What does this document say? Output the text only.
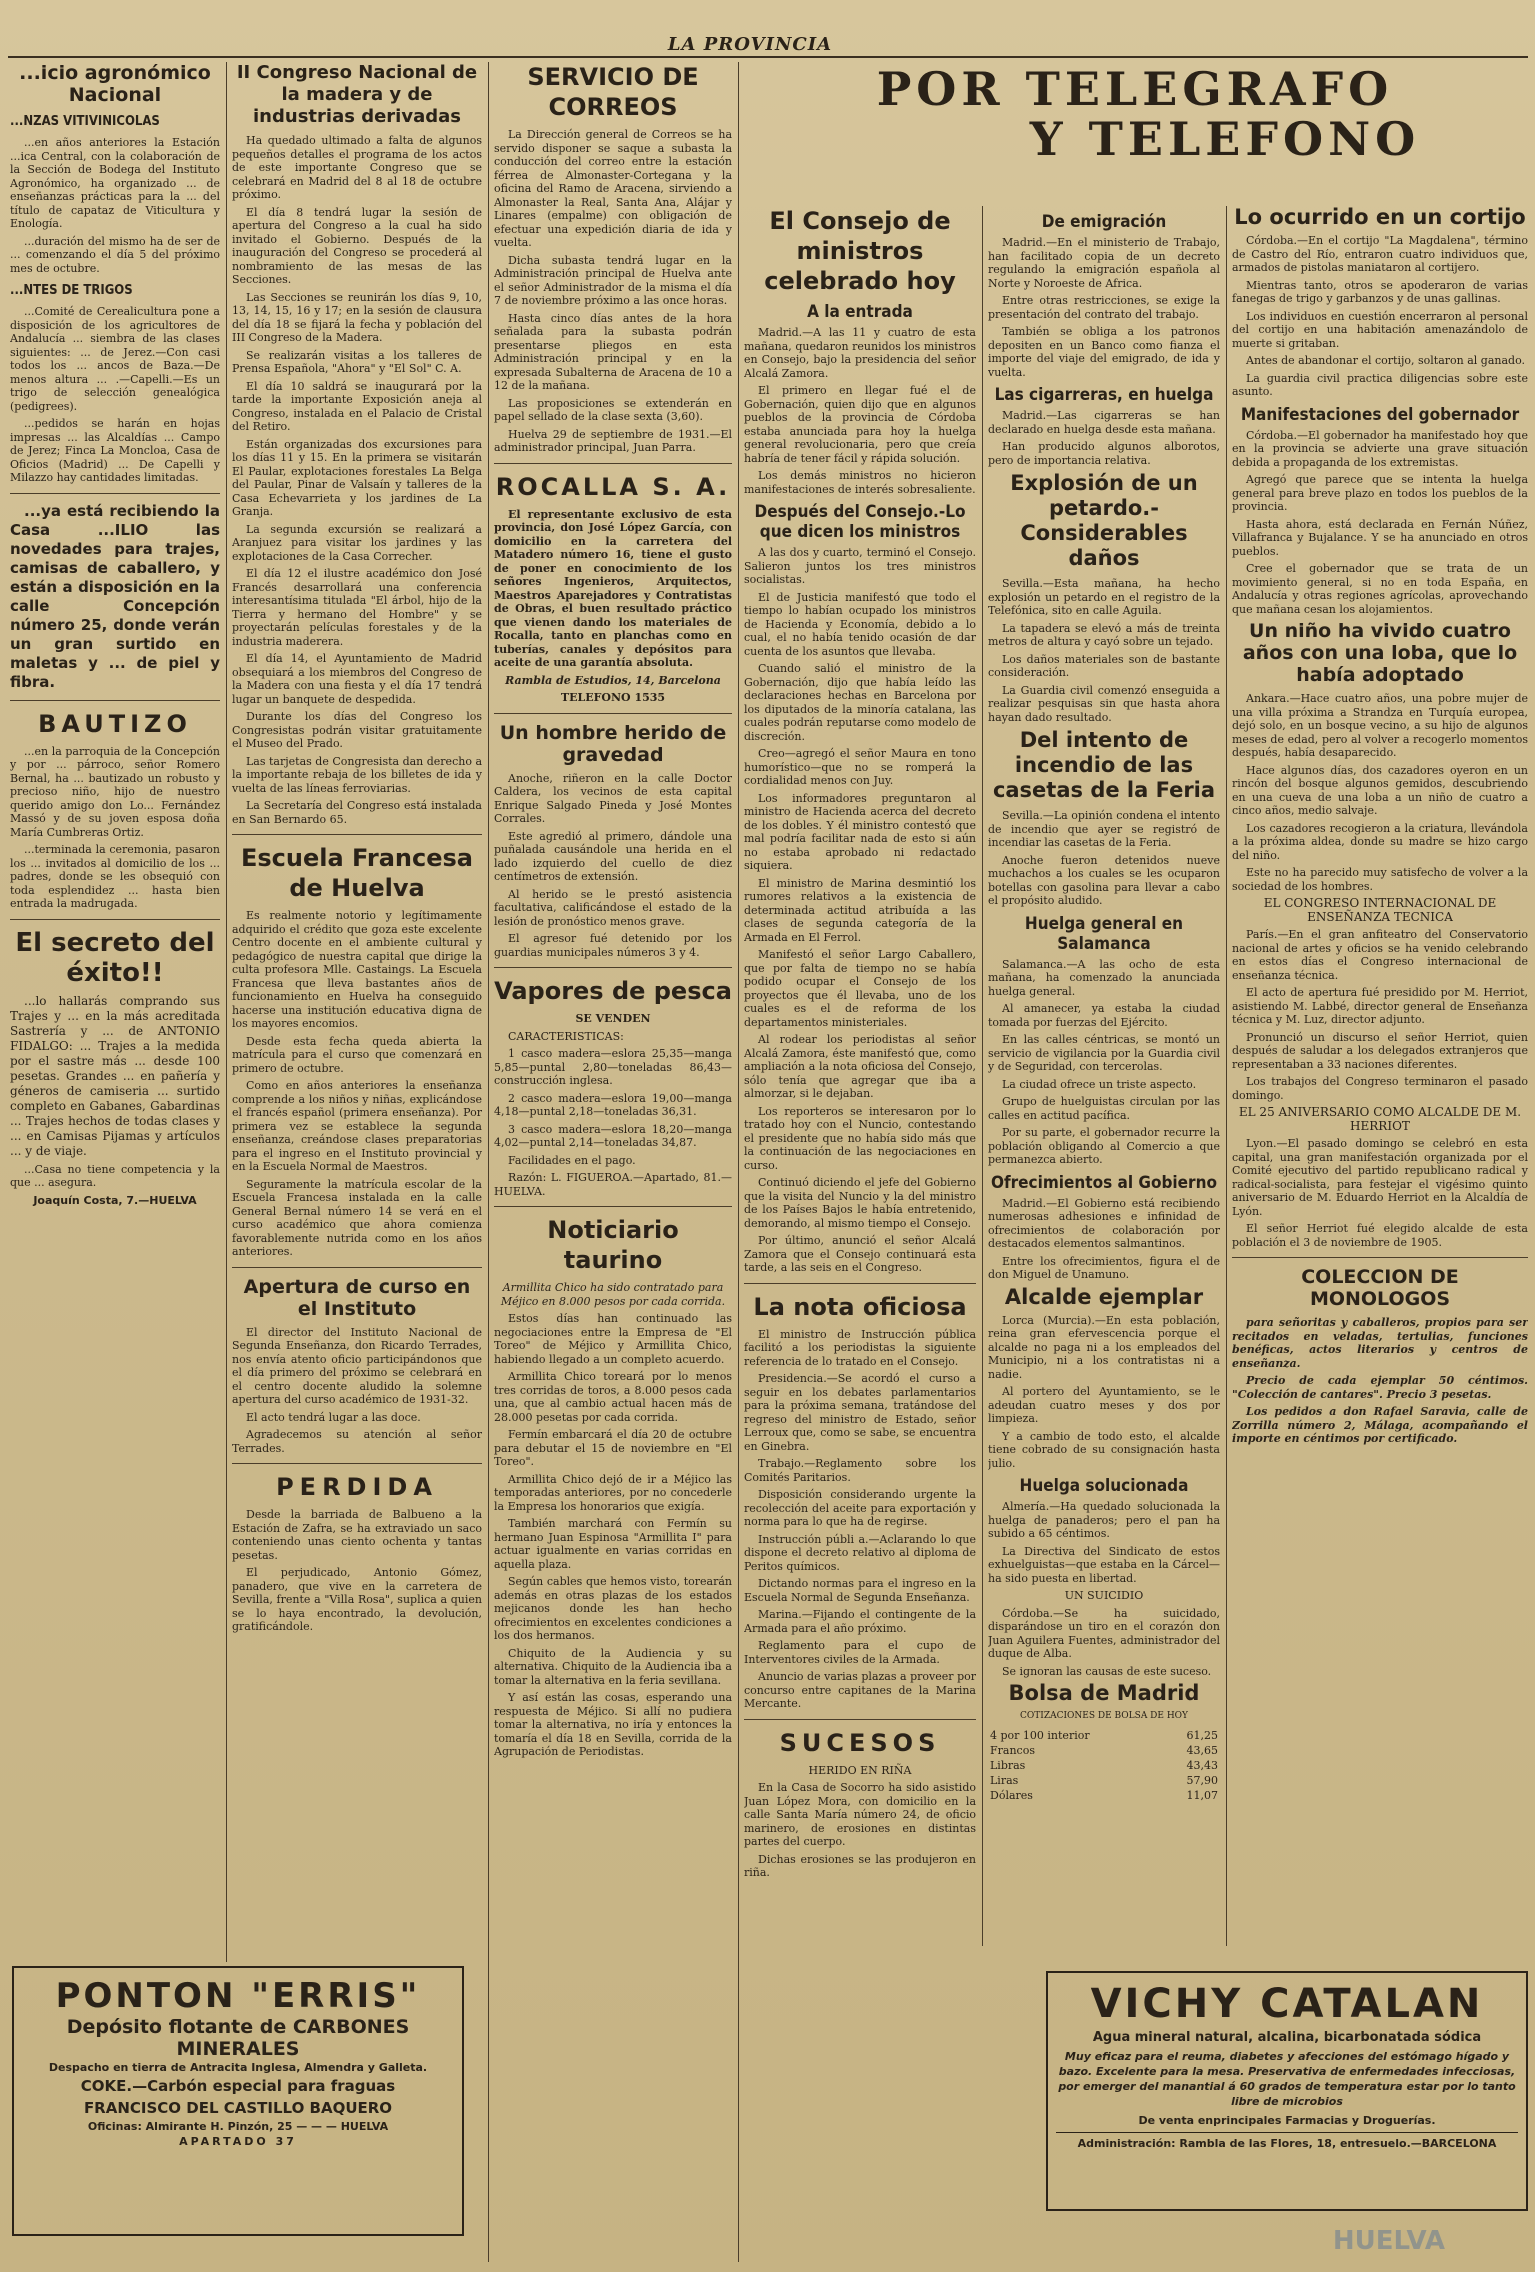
LA PROVINCIA
...icio agronómico Nacional
...NZAS VITIVINICOLAS

...en años anteriores la Estación ...ica Central, con la colaboración de la Sección de Bodega del Instituto Agronómico, ha organizado ... de enseñanzas prácticas para la ... del título de capataz de Viticultura y Enología.

...duración del mismo ha de ser de ... comenzando el día 5 del próximo mes de octubre.

...NTES DE TRIGOS

...Comité de Cerealicultura pone a disposición de los agricultores de Andalucía ... siembra de las clases siguientes: ... de Jerez.—Con casi todos los ... ancos de Baza.—De menos altura ... .—Capelli.—Es un trigo de selección genealógica (pedigrees).

...pedidos se harán en hojas impresas ... las Alcaldías ... Campo de Jerez; Finca La Moncloa, Casa de Oficios (Madrid) ... De Capelli y Milazzo hay cantidades limitadas.

...ya está recibiendo la Casa ...ILIO las novedades para trajes, camisas de caballero, y están a disposición en la calle Concepción número 25, donde verán un gran surtido en maletas y ... de piel y fibra.

BAUTIZO

...en la parroquia de la Concepción y por ... párroco, señor Romero Bernal, ha ... bautizado un robusto y precioso niño, hijo de nuestro querido amigo don Lo... Fernández Massó y de su joven esposa doña María Cumbreras Ortiz.

...terminada la ceremonia, pasaron los ... invitados al domicilio de los ... padres, donde se les obsequió con toda esplendidez ... hasta bien entrada la madrugada.

El secreto del éxito!!

...lo hallarás comprando sus Trajes y ... en la más acreditada Sastrería y ... de ANTONIO FIDALGO: ... Trajes a la medida por el sastre más ... desde 100 pesetas. Grandes ... en pañería y géneros de camiseria ... surtido completo en Gabanes, Gabardinas ... Trajes hechos de todas clases y ... en Camisas Pijamas y artículos ... y de viaje.

...Casa no tiene competencia y la que ... asegura.

Joaquín Costa, 7.—HUELVA

II Congreso Nacional de la madera y de industrias derivadas

Ha quedado ultimado a falta de algunos pequeños detalles el programa de los actos de este importante Congreso que se celebrará en Madrid del 8 al 18 de octubre próximo.

El día 8 tendrá lugar la sesión de apertura del Congreso a la cual ha sido invitado el Gobierno. Después de la inauguración del Congreso se procederá al nombramiento de las mesas de las Secciones.

Las Secciones se reunirán los días 9, 10, 13, 14, 15, 16 y 17; en la sesión de clausura del día 18 se fijará la fecha y población del III Congreso de la Madera.

Se realizarán visitas a los talleres de Prensa Española, "Ahora" y "El Sol" C. A.

El día 10 saldrá se inaugurará por la tarde la importante Exposición aneja al Congreso, instalada en el Palacio de Cristal del Retiro.

Están organizadas dos excursiones para los días 11 y 15. En la primera se visitarán El Paular, explotaciones forestales La Belga del Paular, Pinar de Valsaín y talleres de la Casa Echevarrieta y los jardines de La Granja.

La segunda excursión se realizará a Aranjuez para visitar los jardines y las explotaciones de la Casa Correcher.

El día 12 el ilustre académico don José Francés desarrollará una conferencia interesantísima titulada "El árbol, hijo de la Tierra y hermano del Hombre" y se proyectarán películas forestales y de la industria maderera.

El día 14, el Ayuntamiento de Madrid obsequiará a los miembros del Congreso de la Madera con una fiesta y el día 17 tendrá lugar un banquete de despedida.

Durante los días del Congreso los Congresistas podrán visitar gratuitamente el Museo del Prado.

Las tarjetas de Congresista dan derecho a la importante rebaja de los billetes de ida y vuelta de las líneas ferroviarias.

La Secretaría del Congreso está instalada en San Bernardo 65.

Escuela Francesa de Huelva

Es realmente notorio y legítimamente adquirido el crédito que goza este excelente Centro docente en el ambiente cultural y pedagógico de nuestra capital que dirige la culta profesora Mlle. Castaings. La Escuela Francesa que lleva bastantes años de funcionamiento en Huelva ha conseguido hacerse una institución educativa digna de los mayores encomios.

Desde esta fecha queda abierta la matrícula para el curso que comenzará en primero de octubre.

Como en años anteriores la enseñanza comprende a los niños y niñas, explicándose el francés español (primera enseñanza). Por primera vez se establece la segunda enseñanza, creándose clases preparatorias para el ingreso en el Instituto provincial y en la Escuela Normal de Maestros.

Seguramente la matrícula escolar de la Escuela Francesa instalada en la calle General Bernal número 14 se verá en el curso académico que ahora comienza favorablemente nutrida como en los años anteriores.

Apertura de curso en el Instituto

El director del Instituto Nacional de Segunda Enseñanza, don Ricardo Terrades, nos envía atento oficio participándonos que el día primero del próximo se celebrará en el centro docente aludido la solemne apertura del curso académico de 1931-32.

El acto tendrá lugar a las doce.

Agradecemos su atención al señor Terrades.

PERDIDA

Desde la barriada de Balbueno a la Estación de Zafra, se ha extraviado un saco conteniendo unas ciento ochenta y tantas pesetas.

El perjudicado, Antonio Gómez, panadero, que vive en la carretera de Sevilla, frente a "Villa Rosa", suplica a quien se lo haya encontrado, la devolución, gratificándole.

SERVICIO DE CORREOS

La Dirección general de Correos se ha servido disponer se saque a subasta la conducción del correo entre la estación férrea de Almonaster-Cortegana y la oficina del Ramo de Aracena, sirviendo a Almonaster la Real, Santa Ana, Alájar y Linares (empalme) con obligación de efectuar una expedición diaria de ida y vuelta.

Dicha subasta tendrá lugar en la Administración principal de Huelva ante el señor Administrador de la misma el día 7 de noviembre próximo a las once horas.

Hasta cinco días antes de la hora señalada para la subasta podrán presentarse pliegos en esta Administración principal y en la expresada Subalterna de Aracena de 10 a 12 de la mañana.

Las proposiciones se extenderán en papel sellado de la clase sexta (3,60).

Huelva 29 de septiembre de 1931.—El administrador principal, Juan Parra.

ROCALLA S. A.

El representante exclusivo de esta provincia, don José López García, con domicilio en la carretera del Matadero número 16, tiene el gusto de poner en conocimiento de los señores Ingenieros, Arquitectos, Maestros Aparejadores y Contratistas de Obras, el buen resultado práctico que vienen dando los materiales de Rocalla, tanto en planchas como en tuberías, canales y depósitos para aceite de una garantía absoluta.

Rambla de Estudios, 14, Barcelona

TELEFONO 1535

Un hombre herido de gravedad

Anoche, riñeron en la calle Doctor Caldera, los vecinos de esta capital Enrique Salgado Pineda y José Montes Corrales.

Este agredió al primero, dándole una puñalada causándole una herida en el lado izquierdo del cuello de diez centímetros de extensión.

Al herido se le prestó asistencia facultativa, calificándose el estado de la lesión de pronóstico menos grave.

El agresor fué detenido por los guardias municipales números 3 y 4.

Vapores de pesca

SE VENDEN

CARACTERISTICAS:

1 casco madera—eslora 25,35—manga 5,85—puntal 2,80—toneladas 86,43—construcción inglesa.

2 casco madera—eslora 19,00—manga 4,18—puntal 2,18—toneladas 36,31.

3 casco madera—eslora 18,20—manga 4,02—puntal 2,14—toneladas 34,87.

Facilidades en el pago.

Razón: L. FIGUEROA.—Apartado, 81.—HUELVA.

Noticiario taurino

Armillita Chico ha sido contratado para Méjico en 8.000 pesos por cada corrida.

Estos días han continuado las negociaciones entre la Empresa de "El Toreo" de Méjico y Armillita Chico, habiendo llegado a un completo acuerdo.

Armillita Chico toreará por lo menos tres corridas de toros, a 8.000 pesos cada una, que al cambio actual hacen más de 28.000 pesetas por cada corrida.

Fermín embarcará el día 20 de octubre para debutar el 15 de noviembre en "El Toreo".

Armillita Chico dejó de ir a Méjico las temporadas anteriores, por no concederle la Empresa los honorarios que exigía.

También marchará con Fermín su hermano Juan Espinosa "Armillita I" para actuar igualmente en varias corridas en aquella plaza.

Según cables que hemos visto, torearán además en otras plazas de los estados mejicanos donde les han hecho ofrecimientos en excelentes condiciones a los dos hermanos.

Chiquito de la Audiencia y su alternativa. Chiquito de la Audiencia iba a tomar la alternativa en la feria sevillana.

Y así están las cosas, esperando una respuesta de Méjico. Si allí no pudiera tomar la alternativa, no iría y entonces la tomaría el día 18 en Sevilla, corrida de la Agrupación de Periodistas.

POR TELEGRAFO
Y TELEFONO
El Consejo de ministros celebrado hoy
A la entrada

Madrid.—A las 11 y cuatro de esta mañana, quedaron reunidos los ministros en Consejo, bajo la presidencia del señor Alcalá Zamora.

El primero en llegar fué el de Gobernación, quien dijo que en algunos pueblos de la provincia de Córdoba estaba anunciada para hoy la huelga general revolucionaria, pero que creía habría de tener fácil y rápida solución.

Los demás ministros no hicieron manifestaciones de interés sobresaliente.

Después del Consejo.-Lo que dicen los ministros

A las dos y cuarto, terminó el Consejo. Salieron juntos los tres ministros socialistas.

El de Justicia manifestó que todo el tiempo lo habían ocupado los ministros de Hacienda y Economía, debido a lo cual, el no había tenido ocasión de dar cuenta de los asuntos que llevaba.

Cuando salió el ministro de la Gobernación, dijo que había leído las declaraciones hechas en Barcelona por los diputados de la minoría catalana, las cuales podrán reputarse como modelo de discreción.

Creo—agregó el señor Maura en tono humorístico—que no se romperá la cordialidad menos con Juy.

Los informadores preguntaron al ministro de Hacienda acerca del decreto de los dobles. Y él ministro contestó que mal podría facilitar nada de esto si aún no estaba aprobado ni redactado siquiera.

El ministro de Marina desmintió los rumores relativos a la existencia de determinada actitud atribuída a las clases de segunda categoría de la Armada en El Ferrol.

Manifestó el señor Largo Caballero, que por falta de tiempo no se había podido ocupar el Consejo de los proyectos que él llevaba, uno de los cuales es el de reforma de los departamentos ministeriales.

Al rodear los periodistas al señor Alcalá Zamora, éste manifestó que, como ampliación a la nota oficiosa del Consejo, sólo tenía que agregar que iba a almorzar, si le dejaban.

Los reporteros se interesaron por lo tratado hoy con el Nuncio, contestando el presidente que no había sido más que la continuación de las negociaciones en curso.

Continuó diciendo el jefe del Gobierno que la visita del Nuncio y la del ministro de los Países Bajos le había entretenido, demorando, al mismo tiempo el Consejo.

Por último, anunció el señor Alcalá Zamora que el Consejo continuará esta tarde, a las seis en el Congreso.

La nota oficiosa

El ministro de Instrucción pública facilitó a los periodistas la siguiente referencia de lo tratado en el Consejo.

Presidencia.—Se acordó el curso a seguir en los debates parlamentarios para la próxima semana, tratándose del regreso del ministro de Estado, señor Lerroux que, como se sabe, se encuentra en Ginebra.

Trabajo.—Reglamento sobre los Comités Paritarios.

Disposición considerando urgente la recolección del aceite para exportación y norma para lo que ha de regirse.

Instrucción públi a.—Aclarando lo que dispone el decreto relativo al diploma de Peritos químicos.

Dictando normas para el ingreso en la Escuela Normal de Segunda Enseñanza.

Marina.—Fijando el contingente de la Armada para el año próximo.

Reglamento para el cupo de Interventores civiles de la Armada.

Anuncio de varias plazas a proveer por concurso entre capitanes de la Marina Mercante.

SUCESOS

HERIDO EN RIÑA

En la Casa de Socorro ha sido asistido Juan López Mora, con domicilio en la calle Santa María número 24, de oficio marinero, de erosiones en distintas partes del cuerpo.

Dichas erosiones se las produjeron en riña.

De emigración

Madrid.—En el ministerio de Trabajo, han facilitado copia de un decreto regulando la emigración española al Norte y Noroeste de Africa.

Entre otras restricciones, se exige la presentación del contrato del trabajo.

También se obliga a los patronos depositen en un Banco como fianza el importe del viaje del emigrado, de ida y vuelta.

Las cigarreras, en huelga

Madrid.—Las cigarreras se han declarado en huelga desde esta mañana.

Han producido algunos alborotos, pero de importancia relativa.

Explosión de un petardo.- Considerables daños

Sevilla.—Esta mañana, ha hecho explosión un petardo en el registro de la Telefónica, sito en calle Aguila.

La tapadera se elevó a más de treinta metros de altura y cayó sobre un tejado.

Los daños materiales son de bastante consideración.

La Guardia civil comenzó enseguida a realizar pesquisas sin que hasta ahora hayan dado resultado.

Del intento de incendio de las casetas de la Feria

Sevilla.—La opinión condena el intento de incendio que ayer se registró de incendiar las casetas de la Feria.

Anoche fueron detenidos nueve muchachos a los cuales se les ocuparon botellas con gasolina para llevar a cabo el propósito aludido.

Huelga general en Salamanca

Salamanca.—A las ocho de esta mañana, ha comenzado la anunciada huelga general.

Al amanecer, ya estaba la ciudad tomada por fuerzas del Ejército.

En las calles céntricas, se montó un servicio de vigilancia por la Guardia civil y de Seguridad, con tercerolas.

La ciudad ofrece un triste aspecto.

Grupo de huelguistas circulan por las calles en actitud pacífica.

Por su parte, el gobernador recurre la población obligando al Comercio a que permanezca abierto.

Ofrecimientos al Gobierno

Madrid.—El Gobierno está recibiendo numerosas adhesiones e infinidad de ofrecimientos de colaboración por destacados elementos salmantinos.

Entre los ofrecimientos, figura el de don Miguel de Unamuno.

Alcalde ejemplar

Lorca (Murcia).—En esta población, reina gran efervescencia porque el alcalde no paga ni a los empleados del Municipio, ni a los contratistas ni a nadie.

Al portero del Ayuntamiento, se le adeudan cuatro meses y dos por limpieza.

Y a cambio de todo esto, el alcalde tiene cobrado de su consignación hasta julio.

Huelga solucionada

Almería.—Ha quedado solucionada la huelga de panaderos; pero el pan ha subido a 65 céntimos.

La Directiva del Sindicato de estos exhuelguistas—que estaba en la Cárcel—ha sido puesta en libertad.

UN SUICIDIO

Córdoba.—Se ha suicidado, disparándose un tiro en el corazón don Juan Aguilera Fuentes, administrador del duque de Alba.

Se ignoran las causas de este suceso.

Bolsa de Madrid

COTIZACIONES DE BOLSA DE HOY

4 por 100 interior	61,25
Francos	43,65
Libras	43,43
Liras	57,90
Dólares	11,07
Lo ocurrido en un cortijo

Córdoba.—En el cortijo "La Magdalena", término de Castro del Río, entraron cuatro individuos que, armados de pistolas maniataron al cortijero.

Mientras tanto, otros se apoderaron de varias fanegas de trigo y garbanzos y de unas gallinas.

Los individuos en cuestión encerraron al personal del cortijo en una habitación amenazándolo de muerte si gritaban.

Antes de abandonar el cortijo, soltaron al ganado.

La guardia civil practica diligencias sobre este asunto.

Manifestaciones del gobernador

Córdoba.—El gobernador ha manifestado hoy que en la provincia se advierte una grave situación debida a propaganda de los extremistas.

Agregó que parece que se intenta la huelga general para breve plazo en todos los pueblos de la provincia.

Hasta ahora, está declarada en Fernán Núñez, Villafranca y Bujalance. Y se ha anunciado en otros pueblos.

Cree el gobernador que se trata de un movimiento general, si no en toda España, en Andalucía y otras regiones agrícolas, aprovechando que mañana cesan los alojamientos.

Un niño ha vivido cuatro años con una loba, que lo había adoptado

Ankara.—Hace cuatro años, una pobre mujer de una villa próxima a Strandza en Turquía europea, dejó solo, en un bosque vecino, a su hijo de algunos meses de edad, pero al volver a recogerlo momentos después, había desaparecido.

Hace algunos días, dos cazadores oyeron en un rincón del bosque algunos gemidos, descubriendo en una cueva de una loba a un niño de cuatro a cinco años, medio salvaje.

Los cazadores recogieron a la criatura, llevándola a la próxima aldea, donde su madre se hizo cargo del niño.

Este no ha parecido muy satisfecho de volver a la sociedad de los hombres.

EL CONGRESO INTERNACIONAL DE ENSEÑANZA TECNICA

París.—En el gran anfiteatro del Conservatorio nacional de artes y oficios se ha venido celebrando en estos días el Congreso internacional de enseñanza técnica.

El acto de apertura fué presidido por M. Herriot, asistiendo M. Labbé, director general de Enseñanza técnica y M. Luz, director adjunto.

Pronunció un discurso el señor Herriot, quien después de saludar a los delegados extranjeros que representaban a 33 naciones diferentes.

Los trabajos del Congreso terminaron el pasado domingo.

EL 25 ANIVERSARIO COMO ALCALDE DE M. HERRIOT

Lyon.—El pasado domingo se celebró en esta capital, una gran manifestación organizada por el Comité ejecutivo del partido republicano radical y radical-socialista, para festejar el vigésimo quinto aniversario de M. Eduardo Herriot en la Alcaldía de Lyón.

El señor Herriot fué elegido alcalde de esta población el 3 de noviembre de 1905.

COLECCION DE MONOLOGOS

para señoritas y caballeros, propios para ser recitados en veladas, tertulias, funciones benéficas, actos literarios y centros de enseñanza.

Precio de cada ejemplar 50 céntimos. "Colección de cantares". Precio 3 pesetas.

Los pedidos a don Rafael Saravia, calle de Zorrilla número 2, Málaga, acompañando el importe en céntimos por certificado.

PONTON "ERRIS"
Depósito flotante de CARBONES MINERALES
Despacho en tierra de Antracita Inglesa, Almendra y Galleta.
COKE.—Carbón especial para fraguas
FRANCISCO DEL CASTILLO BAQUERO
Oficinas: Almirante H. Pinzón, 25 — — — HUELVA
APARTADO 37
VICHY CATALAN
Agua mineral natural, alcalina, bicarbonatada sódica
Muy eficaz para el reuma, diabetes y afecciones del estómago hígado y bazo. Excelente para la mesa. Preservativa de enfermedades infecciosas, por emerger del manantial á 60 grados de temperatura estar por lo tanto libre de microbios
De venta enprincipales Farmacias y Droguerías.
Administración: Rambla de las Flores, 18, entresuelo.—BARCELONA
HUELVA
